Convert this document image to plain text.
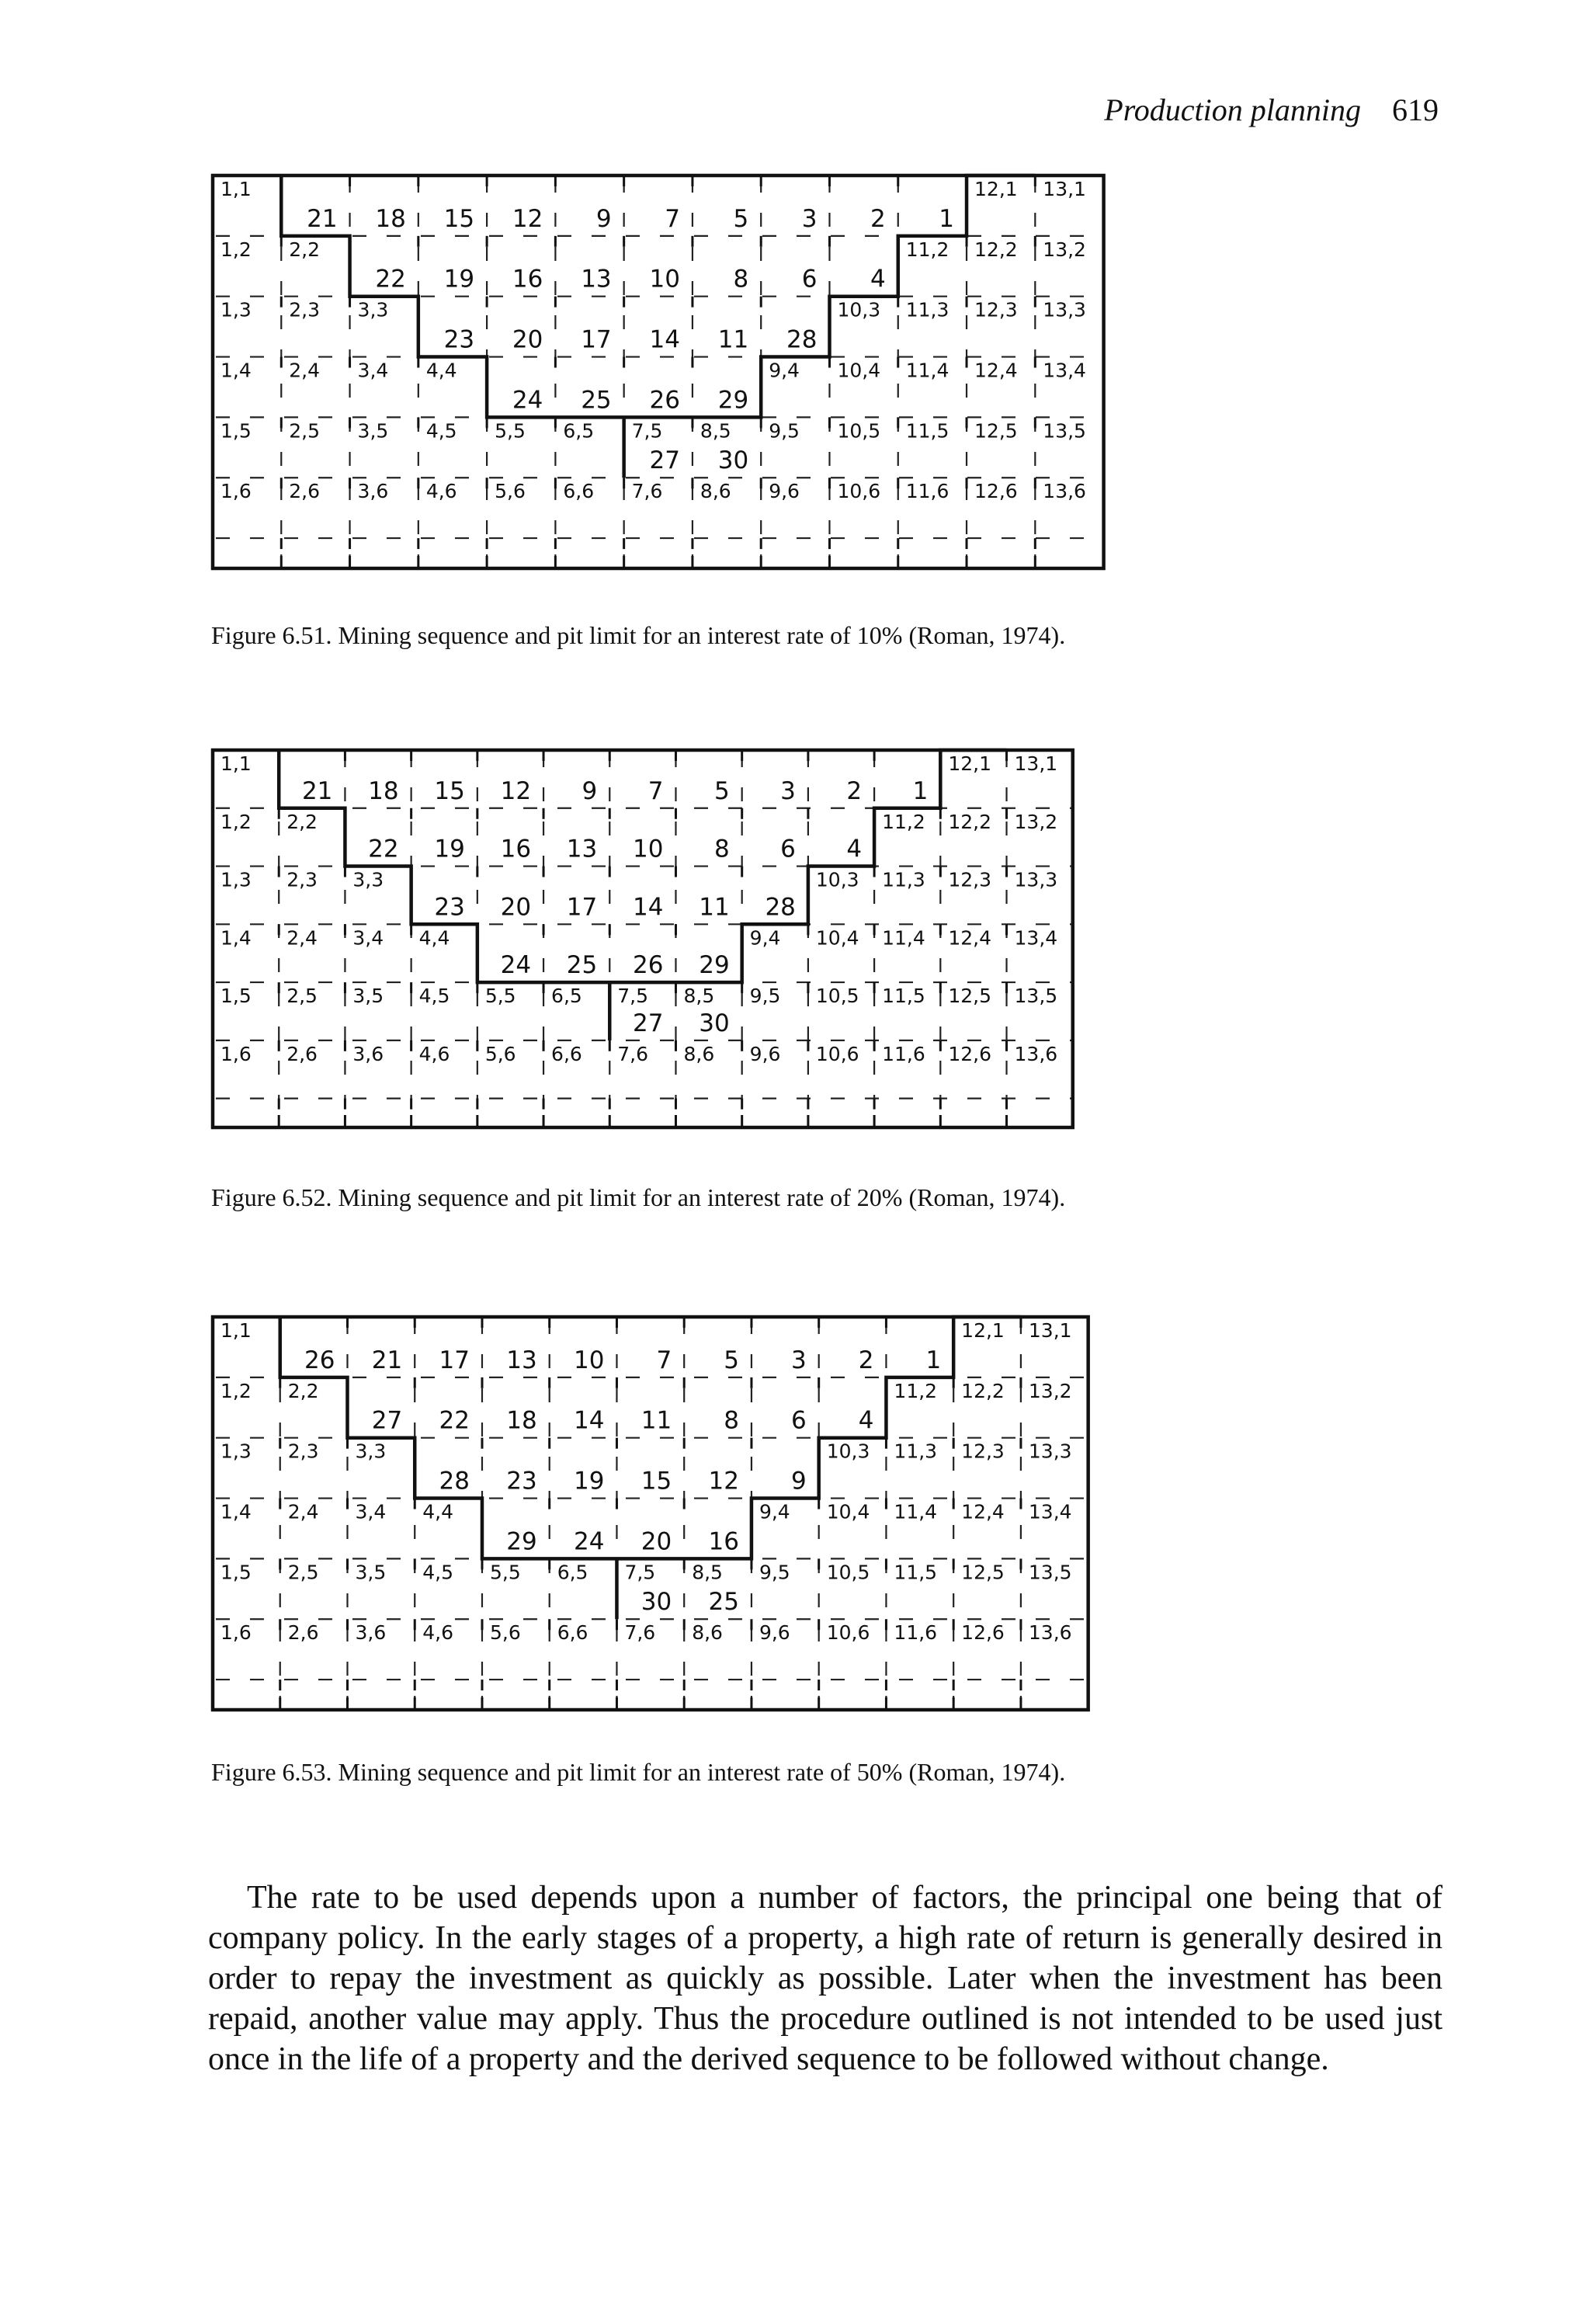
Production planning 619
1,1	12,1 13,1
1,2 2,2	11,2 12,2 13,2
1,3 2,3 3,3	10,3 11,3 12,3 13,3
1,4 2,4 3,4 4,4	9,4 10,4 11,4 12,4 13,4
1,5 2,5 3,5 4,5 5,5 6,5 7,5 8,5 9,5 10,5 11,5 12,5 13,5
1,6 2,6 3,6 4,6 5,6 6,6 7,6 8,6 9,6 10,6 11,6 12,6 13,6
21 18 15 12 9 7 5 3 2 1
22 19 16 13 10 8 6 4
23 20 17 14 11 28
24 25 26 29
27 30
Figure 6.51. Mining sequence and pit limit for an interest rate of 10% (Roman, 1974).
1,1	12,1 13,1
1,2 2,2	11,2 12,2 13,2
1,3 2,3 3,3	10,3 11,3 12,3 13,3
1,4 2,4 3,4 4,4	9,4 10,4 11,4 12,4 13,4
1,5 2,5 3,5 4,5 5,5 6,5 7,5 8,5 9,5 10,5 11,5 12,5 13,5
1,6 2,6 3,6 4,6 5,6 6,6 7,6 8,6 9,6 10,6 11,6 12,6 13,6
21 18 15 12 9 7 5 3 2 1
22 19 16 13 10 8 6 4
23 20 17 14 11 28
24 25 26 29
27 30
Figure 6.52. Mining sequence and pit limit for an interest rate of 20% (Roman, 1974).
1,1	12,1 13,1
1,2 2,2	11,2 12,2 13,2
1,3 2,3 3,3	10,3 11,3 12,3 13,3
1,4 2,4 3,4 4,4	9,4 10,4 11,4 12,4 13,4
1,5 2,5 3,5 4,5 5,5 6,5 7,5 8,5 9,5 10,5 11,5 12,5 13,5
1,6 2,6 3,6 4,6 5,6 6,6 7,6 8,6 9,6 10,6 11,6 12,6 13,6
26 21 17 13 10 7 5 3 2 1
27 22 18 14 11 8 6 4
28 23 19 15 12 9
29 24 20 16
30 25
Figure 6.53. Mining sequence and pit limit for an interest rate of 50% (Roman, 1974).

The rate to be used depends upon a number of factors, the principal one being that of company policy. In the early stages of a property, a high rate of return is generally desired in order to repay the investment as quickly as possible. Later when the investment has been repaid, another value may apply. Thus the procedure outlined is not intended to be used just once in the life of a property and the derived sequence to be followed without change.
